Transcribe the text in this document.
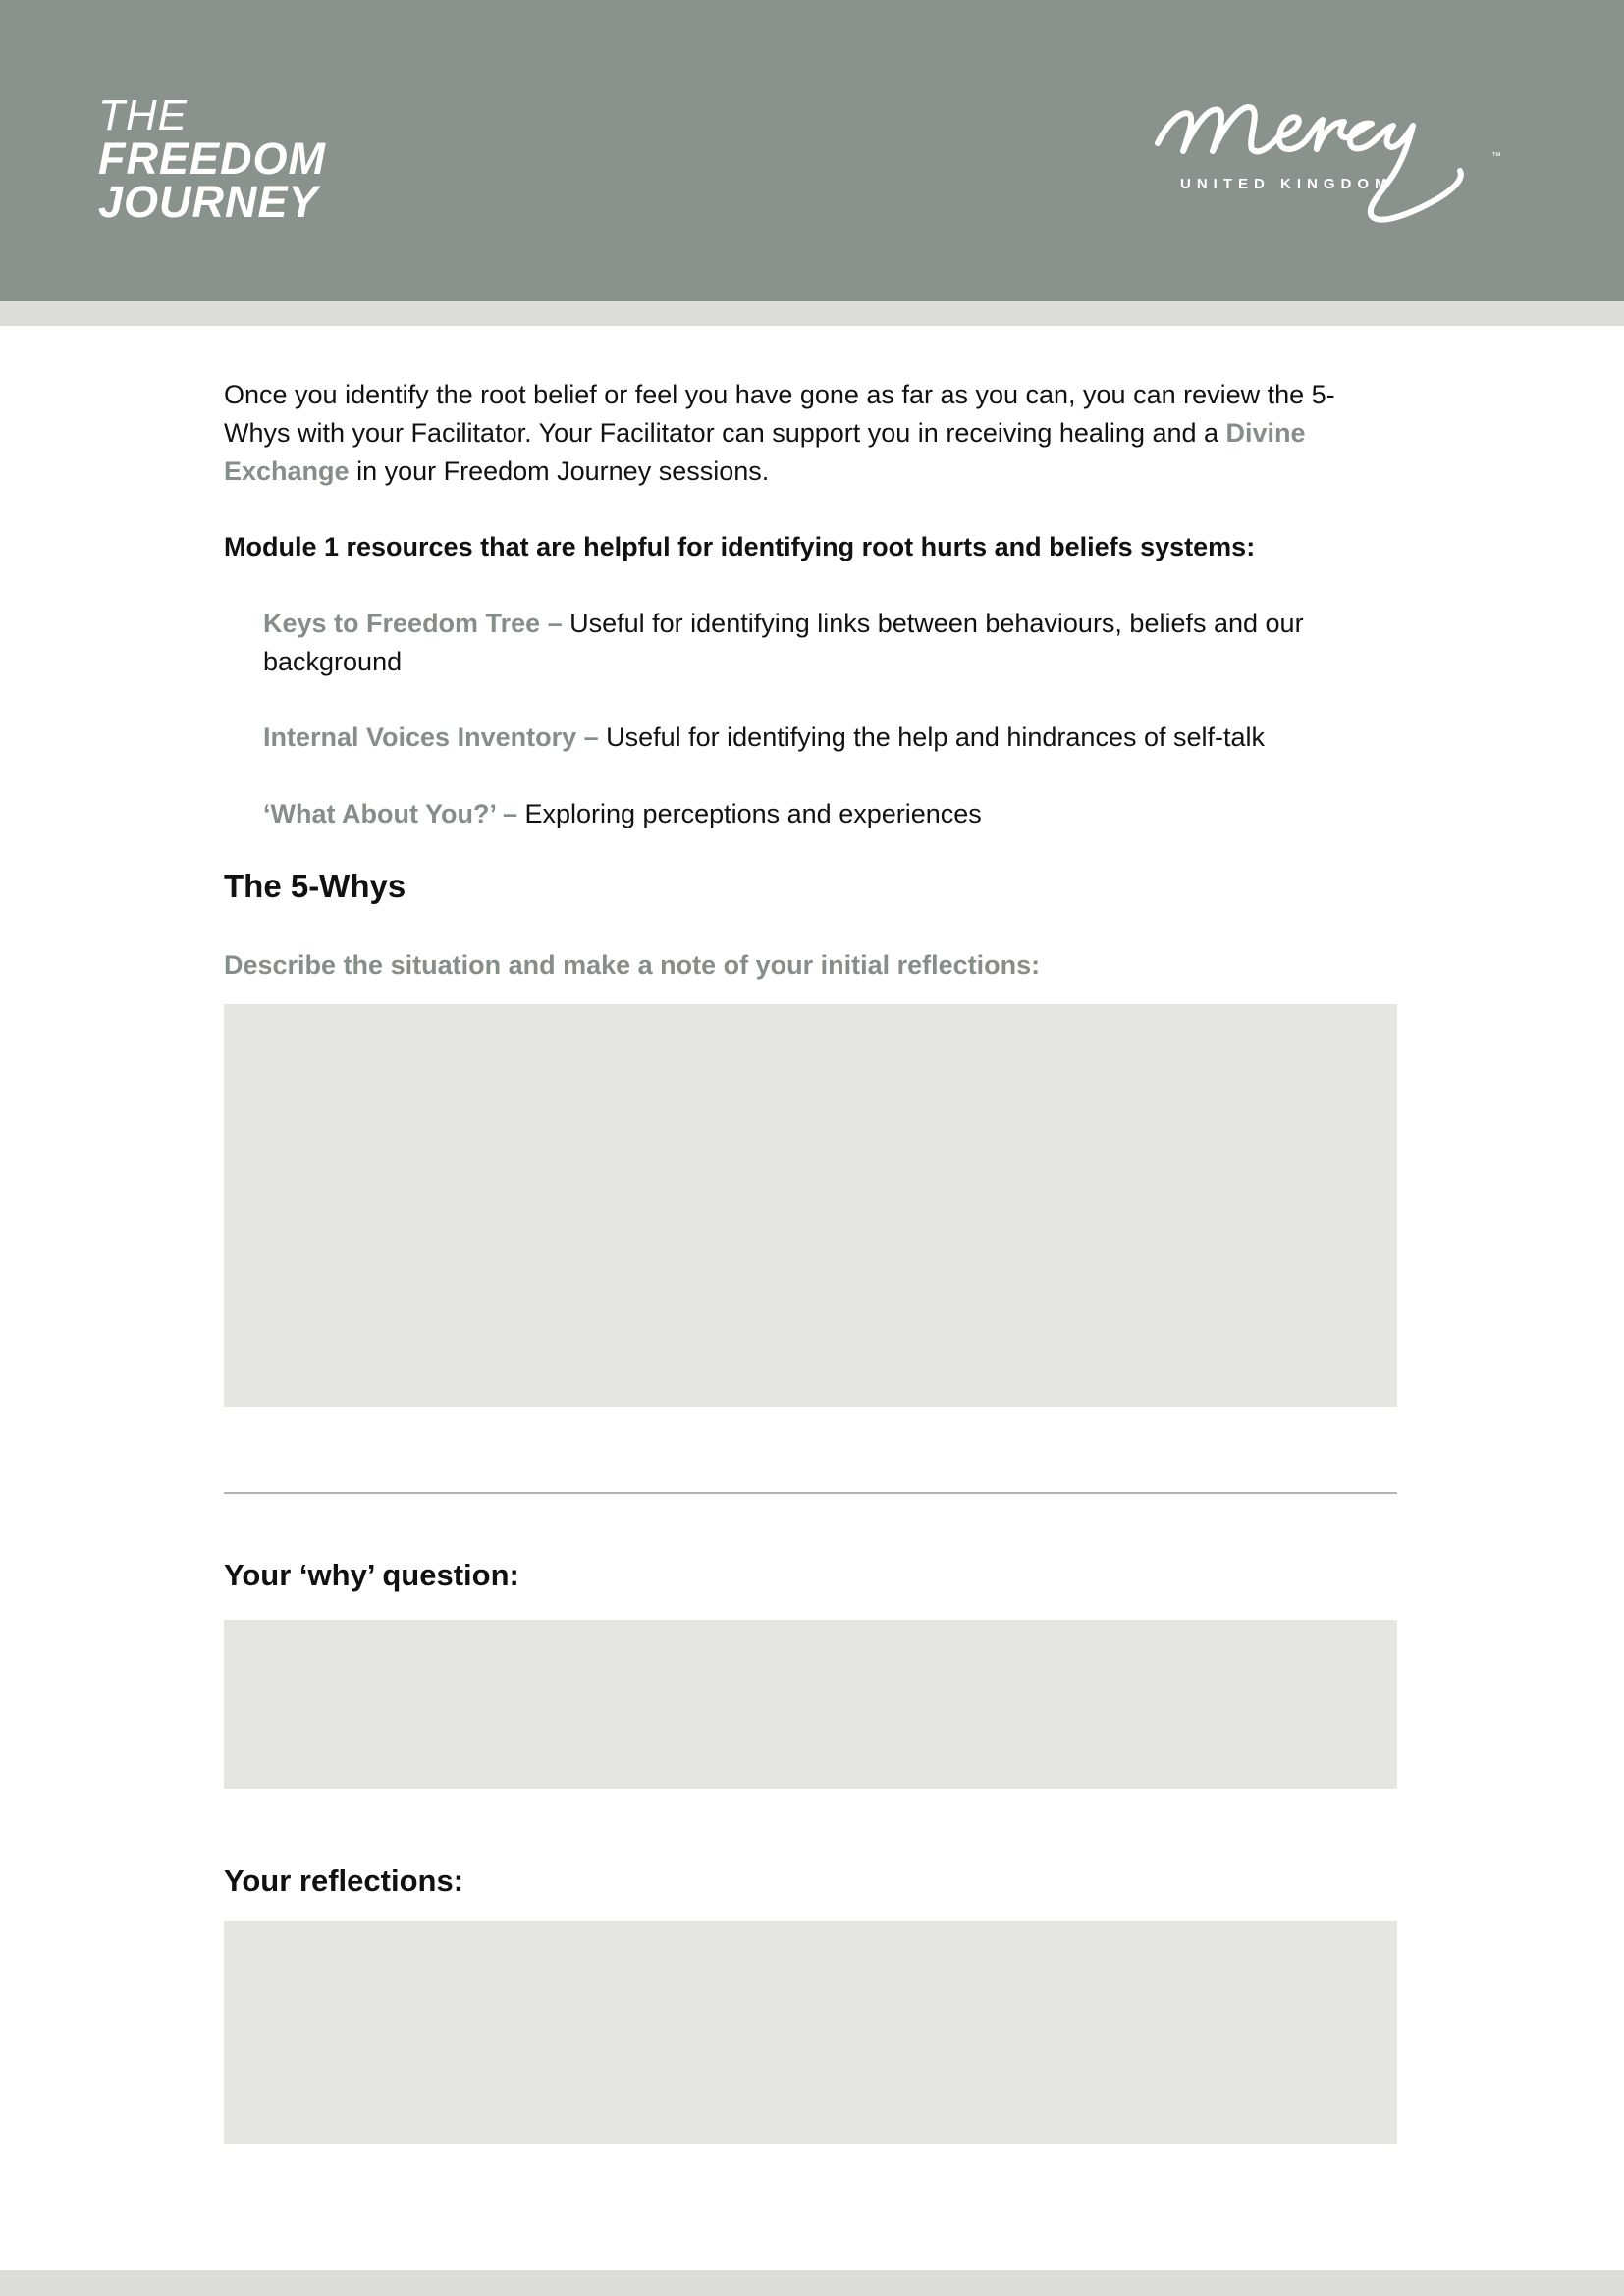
THE
FREEDOM
JOURNEY
™
UNITED KINGDOM

Once you identify the root belief or feel you have gone as far as you can, you can review the 5-Whys with your Facilitator. Your Facilitator can support you in receiving healing and a Divine Exchange in your Freedom Journey sessions.

Module 1 resources that are helpful for identifying root hurts and beliefs systems:

Keys to Freedom Tree – Useful for identifying links between behaviours, beliefs and our background

Internal Voices Inventory – Useful for identifying the help and hindrances of self-talk

‘What About You?’ – Exploring perceptions and experiences

The 5-Whys

Describe the situation and make a note of your initial reflections:

Your ‘why’ question:
Your reflections:
